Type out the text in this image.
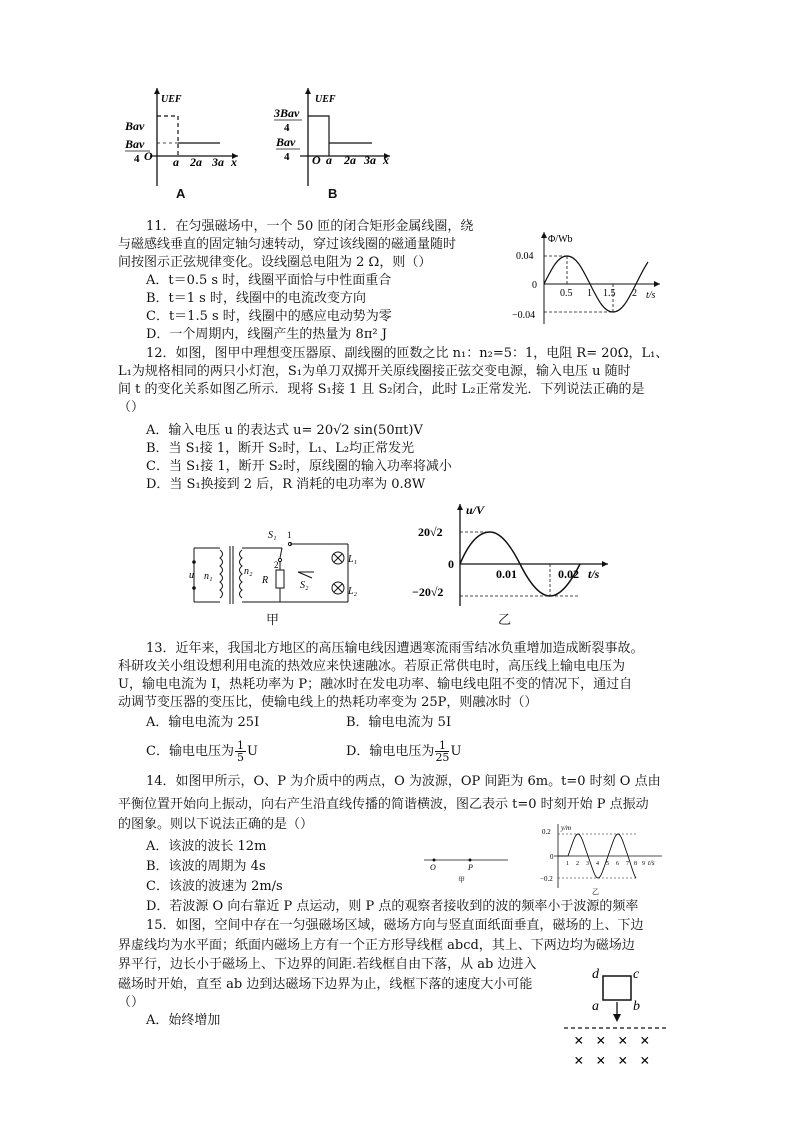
UEF
Bav
Bav
4 O a 2a 3a x
A
UEF
3Bav
4
Bav
4 O a 2a 3a x
B
11．在匀强磁场中，一个 50 匝的闭合矩形金属线圈，绕
与磁感线垂直的固定轴匀速转动，穿过该线圈的磁通量随时
间按图示正弦规律变化。设线圈总电阻为 2 Ω，则（）
A．t＝0.5 s 时，线圈平面恰与中性面重合
B．t＝1 s 时，线圈中的电流改变方向
C．t＝1.5 s 时，线圈中的感应电动势为零
D．一个周期内，线圈产生的热量为 8π² J
Φ/Wb
t/s
0.04
0
−0.04
0.5 1 1.5 2
12．如图，图甲中理想变压器原、副线圈的匝数之比 n₁：n₂=5：1，电阻 R= 20Ω，L₁、
L₁为规格相同的两只小灯泡，S₁为单刀双掷开关原线圈接正弦交变电源，输入电压 u 随时
间 t 的变化关系如图乙所示．现将 S₁接 1 且 S₂闭合，此时 L₂正常发光．下列说法正确的是
（）
A．输入电压 u 的表达式 u= 20√2 sin(50πt)V
B．当 S₁接 1，断开 S₂时，L₁、L₂均正常发光
C．当 S₁接 1，断开 S₂时，原线圈的输入功率将减小
D．当 S₁换接到 2 后，R 消耗的电功率为 0.8W
u n₁	n₂
S₁ 1
2
R
L₁
L₂
S₂
甲
u/V
t/s
20√2
0
−20√2
0.01	0.02
乙
13．近年来，我国北方地区的高压输电线因遭遇寒流雨雪结冰负重增加造成断裂事故。
科研攻关小组设想利用电流的热效应来快速融冰。若原正常供电时，高压线上输电电压为
U，输电电流为 I，热耗功率为 P；融冰时在发电功率、输电线电阻不变的情况下，通过自
动调节变压器的变压比，使输电线上的热耗功率变为 25P，则融冰时（）
A．输电电流为 25I	B．输电电流为 5I
C．输电电压为 $\frac{1}{5}$ U	D．输电电压为 $\frac{1}{25}$ U
14．如图甲所示，O、P 为介质中的两点，O 为波源，OP 间距为 6m。t=0 时刻 O 点由
平衡位置开始向上振动，向右产生沿直线传播的简谐横波，图乙表示 t=0 时刻开始 P 点振动
的图象。则以下说法正确的是（）
A．该波的波长 12m
B．该波的周期为 4s
C．该波的波速为 2m/s
D．若波源 O 向右靠近 P 点运动，则 P 点的观察者接收到的波的频率小于波源的频率
O	P
甲
y/m
t/s
0.2
0
−0.2
1 2 3 4 5 6 7 8 9
乙
15．如图，空间中存在一匀强磁场区域，磁场方向与竖直面纸面垂直，磁场的上、下边
界虚线均为水平面；纸面内磁场上方有一个正方形导线框 abcd，其上、下两边均为磁场边
界平行，边长小于磁场上、下边界的间距.若线框自由下落，从 ab 边进入
磁场时开始，直至 ab 边到达磁场下边界为止，线框下落的速度大小可能
（）
A．始终增加
d c
a b
× × × ×
× × × ×
